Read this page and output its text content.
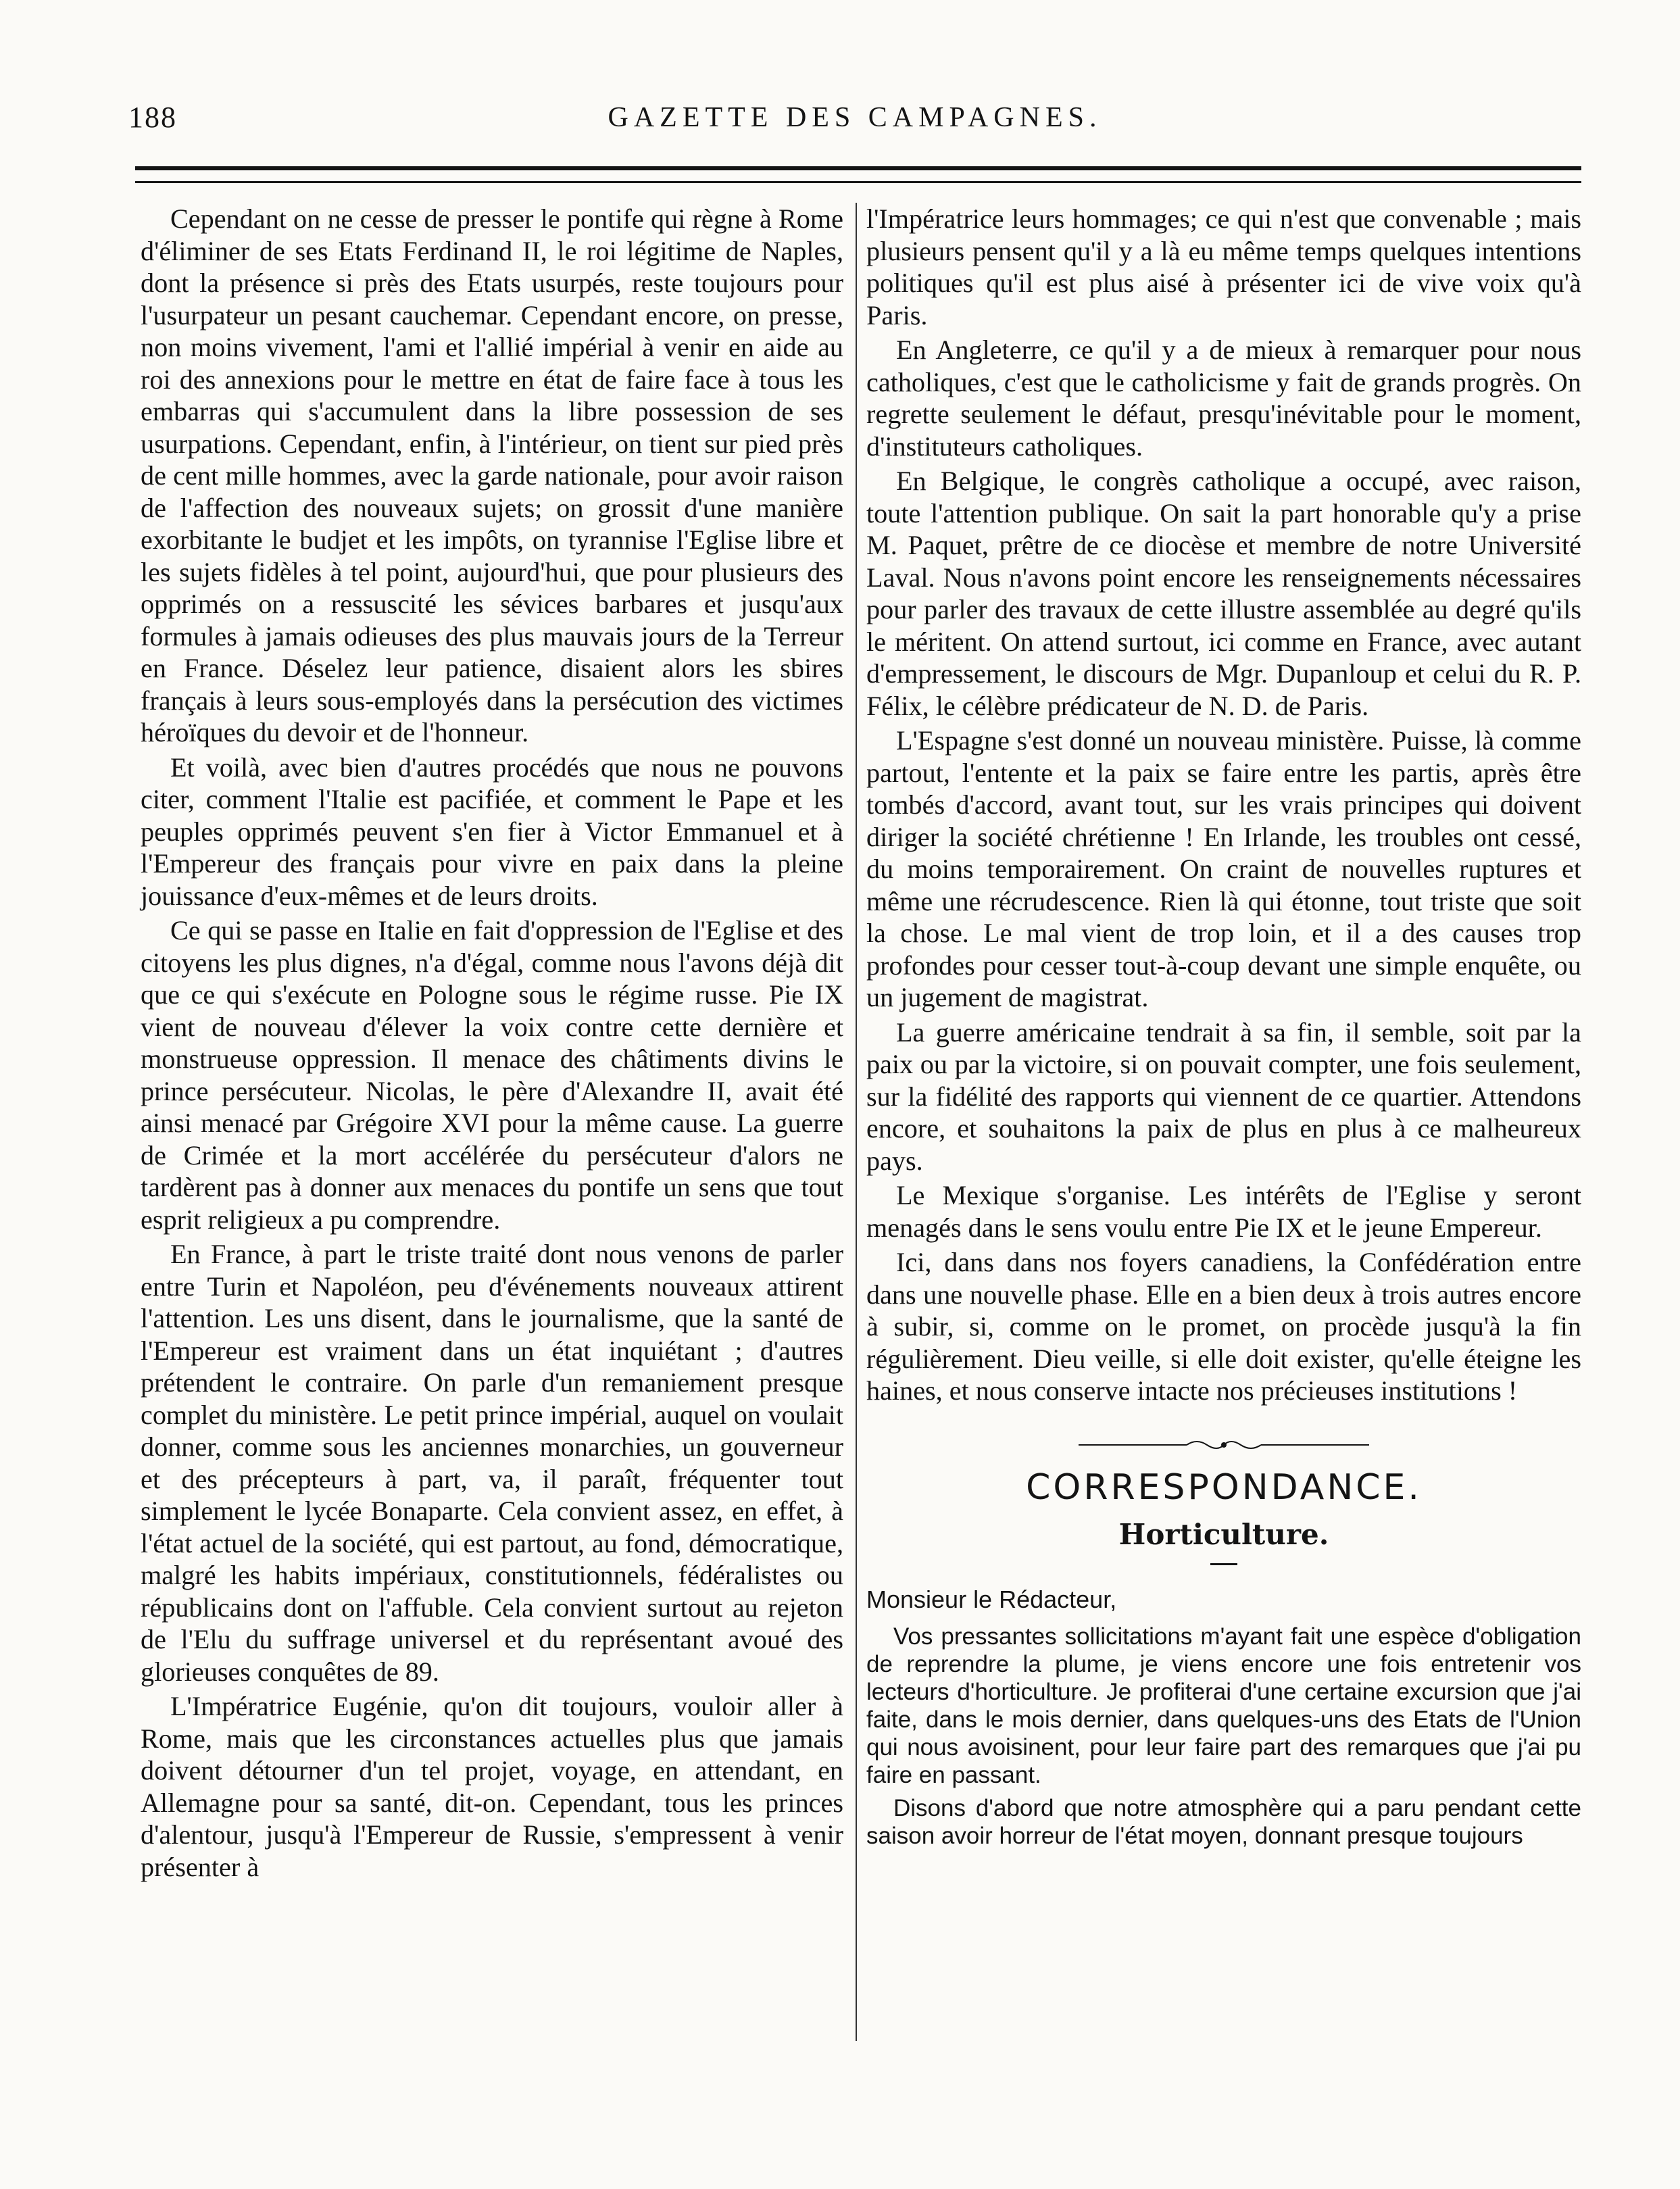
188	GAZETTE DES CAMPAGNES.

Cependant on ne cesse de presser le pontife qui règne à Rome d'éliminer de ses Etats Ferdinand II, le roi légitime de Naples, dont la présence si près des Etats usurpés, reste toujours pour l'usurpateur un pesant cauchemar. Cependant encore, on presse, non moins vivement, l'ami et l'allié impérial à venir en aide au roi des annexions pour le mettre en état de faire face à tous les embarras qui s'accumulent dans la libre possession de ses usurpations. Cependant, enfin, à l'intérieur, on tient sur pied près de cent mille hommes, avec la garde nationale, pour avoir raison de l'affection des nouveaux sujets; on grossit d'une manière exorbitante le budjet et les impôts, on tyrannise l'Eglise libre et les sujets fidèles à tel point, aujourd'hui, que pour plusieurs des opprimés on a ressuscité les sévices barbares et jusqu'aux formules à jamais odieuses des plus mauvais jours de la Terreur en France. Déselez leur patience, disaient alors les sbires français à leurs sous-employés dans la persécution des victimes héroïques du devoir et de l'honneur.

Et voilà, avec bien d'autres procédés que nous ne pouvons citer, comment l'Italie est pacifiée, et comment le Pape et les peuples opprimés peuvent s'en fier à Victor Emmanuel et à l'Empereur des français pour vivre en paix dans la pleine jouissance d'eux-mêmes et de leurs droits.

Ce qui se passe en Italie en fait d'oppression de l'Eglise et des citoyens les plus dignes, n'a d'égal, comme nous l'avons déjà dit que ce qui s'exécute en Pologne sous le régime russe. Pie IX vient de nouveau d'élever la voix contre cette dernière et monstrueuse oppression. Il menace des châtiments divins le prince persécuteur. Nicolas, le père d'Alexandre II, avait été ainsi menacé par Grégoire XVI pour la même cause. La guerre de Crimée et la mort accélérée du persécuteur d'alors ne tardèrent pas à donner aux menaces du pontife un sens que tout esprit religieux a pu comprendre.

En France, à part le triste traité dont nous venons de parler entre Turin et Napoléon, peu d'événements nouveaux attirent l'attention. Les uns disent, dans le journalisme, que la santé de l'Empereur est vraiment dans un état inquiétant ; d'autres prétendent le contraire. On parle d'un remaniement presque complet du ministère. Le petit prince impérial, auquel on voulait donner, comme sous les anciennes monarchies, un gouverneur et des précepteurs à part, va, il paraît, fréquenter tout simplement le lycée Bonaparte. Cela convient assez, en effet, à l'état actuel de la société, qui est partout, au fond, démocratique, malgré les habits impériaux, constitutionnels, fédéralistes ou républicains dont on l'affuble. Cela convient surtout au rejeton de l'Elu du suffrage universel et du représentant avoué des glorieuses conquêtes de 89.

L'Impératrice Eugénie, qu'on dit toujours, vouloir aller à Rome, mais que les circonstances actuelles plus que jamais doivent détourner d'un tel projet, voyage, en attendant, en Allemagne pour sa santé, dit-on. Cependant, tous les princes d'alentour, jusqu'à l'Empereur de Russie, s'empressent à venir présenter à

l'Impératrice leurs hommages; ce qui n'est que convenable ; mais plusieurs pensent qu'il y a là eu même temps quelques intentions politiques qu'il est plus aisé à présenter ici de vive voix qu'à Paris.

En Angleterre, ce qu'il y a de mieux à remarquer pour nous catholiques, c'est que le catholicisme y fait de grands progrès. On regrette seulement le défaut, presqu'inévitable pour le moment, d'instituteurs catholiques.

En Belgique, le congrès catholique a occupé, avec raison, toute l'attention publique. On sait la part honorable qu'y a prise M. Paquet, prêtre de ce diocèse et membre de notre Université Laval. Nous n'avons point encore les renseignements nécessaires pour parler des travaux de cette illustre assemblée au degré qu'ils le méritent. On attend surtout, ici comme en France, avec autant d'empressement, le discours de Mgr. Dupanloup et celui du R. P. Félix, le célèbre prédicateur de N. D. de Paris.

L'Espagne s'est donné un nouveau ministère. Puisse, là comme partout, l'entente et la paix se faire entre les partis, après être tombés d'accord, avant tout, sur les vrais principes qui doivent diriger la société chrétienne ! En Irlande, les troubles ont cessé, du moins temporairement. On craint de nouvelles ruptures et même une récrudescence. Rien là qui étonne, tout triste que soit la chose. Le mal vient de trop loin, et il a des causes trop profondes pour cesser tout-à-coup devant une simple enquête, ou un jugement de magistrat.

La guerre américaine tendrait à sa fin, il semble, soit par la paix ou par la victoire, si on pouvait compter, une fois seulement, sur la fidélité des rapports qui viennent de ce quartier. Attendons encore, et souhaitons la paix de plus en plus à ce malheureux pays.

Le Mexique s'organise. Les intérêts de l'Eglise y seront menagés dans le sens voulu entre Pie IX et le jeune Empereur.

Ici, dans dans nos foyers canadiens, la Confédération entre dans une nouvelle phase. Elle en a bien deux à trois autres encore à subir, si, comme on le promet, on procède jusqu'à la fin régulièrement. Dieu veille, si elle doit exister, qu'elle éteigne les haines, et nous conserve intacte nos précieuses institutions !

CORRESPONDANCE.
Horticulture.

Monsieur le Rédacteur,

Vos pressantes sollicitations m'ayant fait une espèce d'obligation de reprendre la plume, je viens encore une fois entretenir vos lecteurs d'horticulture. Je profiterai d'une certaine excursion que j'ai faite, dans le mois dernier, dans quelques-uns des Etats de l'Union qui nous avoisinent, pour leur faire part des remarques que j'ai pu faire en passant.

Disons d'abord que notre atmosphère qui a paru pendant cette saison avoir horreur de l'état moyen, donnant presque toujours
